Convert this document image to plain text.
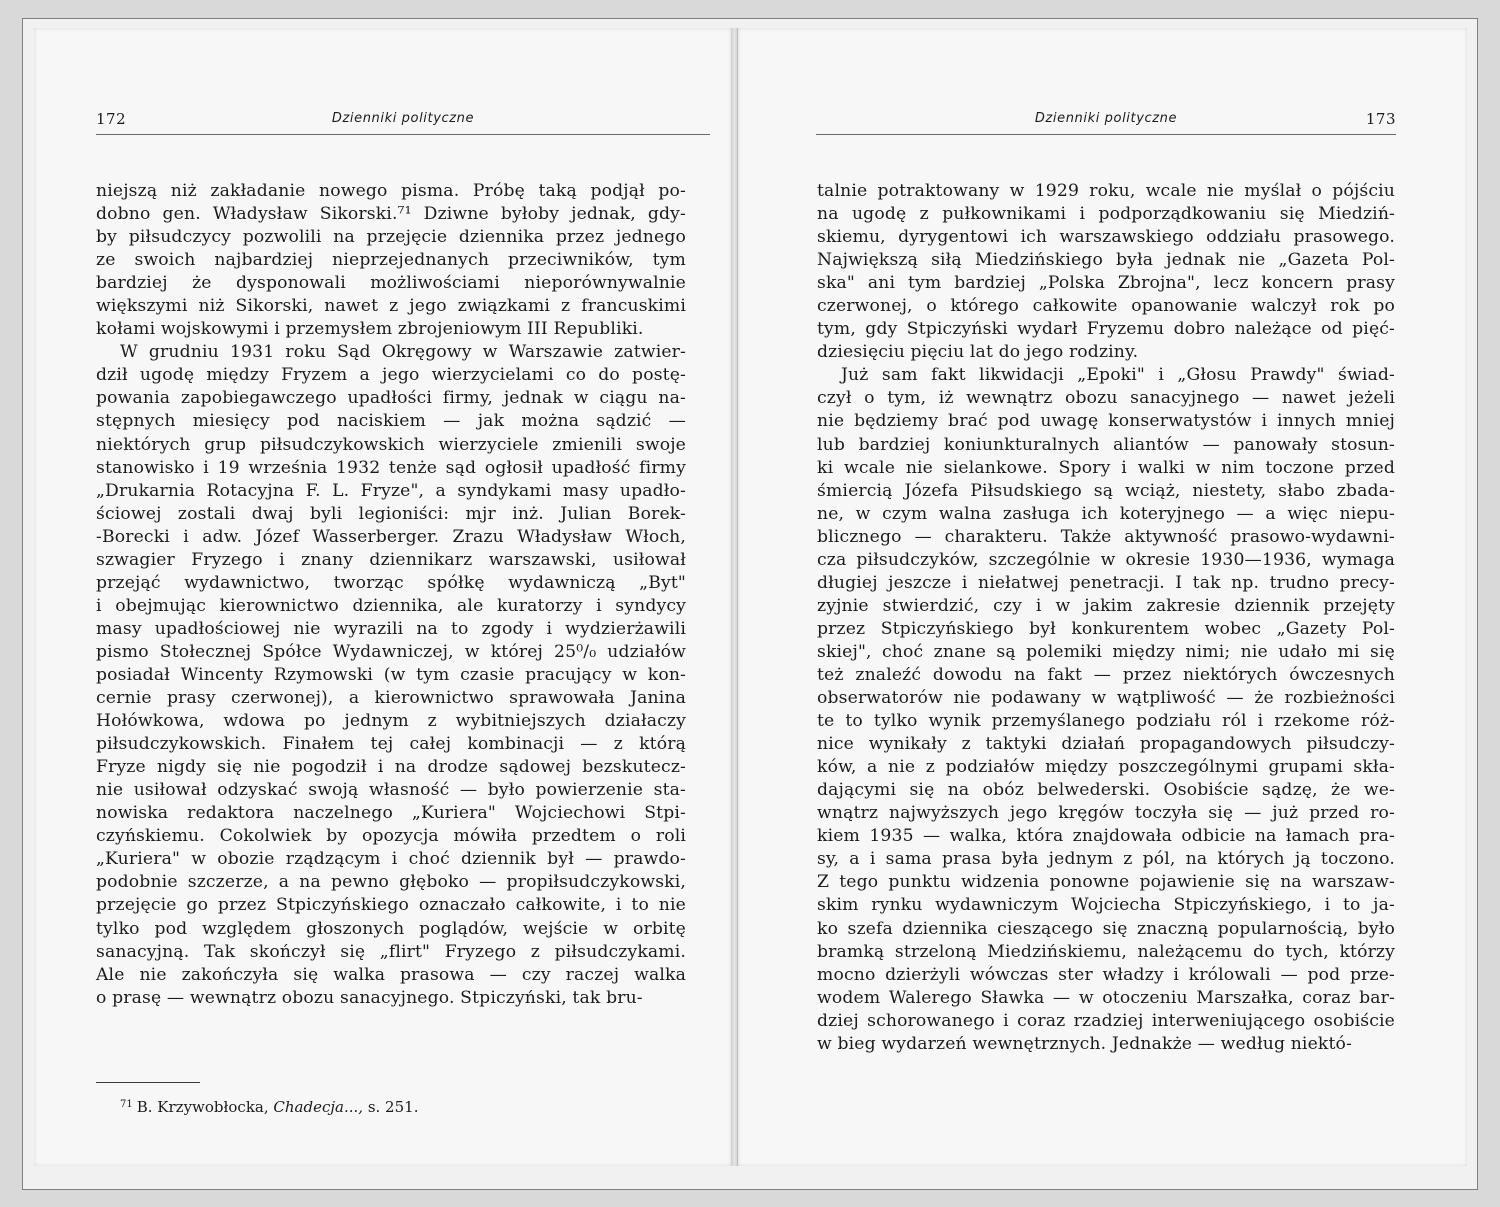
172	Dzienniki polityczne
niejszą niż zakładanie nowego pisma. Próbę taką podjął po-
dobno gen. Władysław Sikorski.⁷¹ Dziwne byłoby jednak, gdy-
by piłsudczycy pozwolili na przejęcie dziennika przez jednego
ze swoich najbardziej nieprzejednanych przeciwników, tym
bardziej że dysponowali możliwościami nieporównywalnie
większymi niż Sikorski, nawet z jego związkami z francuskimi
kołami wojskowymi i przemysłem zbrojeniowym III Republiki.
W grudniu 1931 roku Sąd Okręgowy w Warszawie zatwier-
dził ugodę między Fryzem a jego wierzycielami co do postę-
powania zapobiegawczego upadłości firmy, jednak w ciągu na-
stępnych miesięcy pod naciskiem — jak można sądzić —
niektórych grup piłsudczykowskich wierzyciele zmienili swoje
stanowisko i 19 września 1932 tenże sąd ogłosił upadłość firmy
„Drukarnia Rotacyjna F. L. Fryze", a syndykami masy upadło-
ściowej zostali dwaj byli legioniści: mjr inż. Julian Borek-
-Borecki i adw. Józef Wasserberger. Zrazu Władysław Włoch,
szwagier Fryzego i znany dziennikarz warszawski, usiłował
przejąć wydawnictwo, tworząc spółkę wydawniczą „Byt"
i obejmując kierownictwo dziennika, ale kuratorzy i syndycy
masy upadłościowej nie wyrazili na to zgody i wydzierżawili
pismo Stołecznej Spółce Wydawniczej, w której 25⁰/₀ udziałów
posiadał Wincenty Rzymowski (w tym czasie pracujący w kon-
cernie prasy czerwonej), a kierownictwo sprawowała Janina
Hołówkowa, wdowa po jednym z wybitniejszych działaczy
piłsudczykowskich. Finałem tej całej kombinacji — z którą
Fryze nigdy się nie pogodził i na drodze sądowej bezskutecz-
nie usiłował odzyskać swoją własność — było powierzenie sta-
nowiska redaktora naczelnego „Kuriera" Wojciechowi Stpi-
czyńskiemu. Cokolwiek by opozycja mówiła przedtem o roli
„Kuriera" w obozie rządzącym i choć dziennik był — prawdo-
podobnie szczerze, a na pewno głęboko — propiłsudczykowski,
przejęcie go przez Stpiczyńskiego oznaczało całkowite, i to nie
tylko pod względem głoszonych poglądów, wejście w orbitę
sanacyjną. Tak skończył się „flirt" Fryzego z piłsudczykami.
Ale nie zakończyła się walka prasowa — czy raczej walka
o prasę — wewnątrz obozu sanacyjnego. Stpiczyński, tak bru-
$^{71}$ B. Krzywobłocka, Chadecja..., s. 251.
Dzienniki polityczne	173
talnie potraktowany w 1929 roku, wcale nie myślał o pójściu
na ugodę z pułkownikami i podporządkowaniu się Miedziń-
skiemu, dyrygentowi ich warszawskiego oddziału prasowego.
Największą siłą Miedzińskiego była jednak nie „Gazeta Pol-
ska" ani tym bardziej „Polska Zbrojna", lecz koncern prasy
czerwonej, o którego całkowite opanowanie walczył rok po
tym, gdy Stpiczyński wydarł Fryzemu dobro należące od pięć-
dziesięciu pięciu lat do jego rodziny.
Już sam fakt likwidacji „Epoki" i „Głosu Prawdy" świad-
czył o tym, iż wewnątrz obozu sanacyjnego — nawet jeżeli
nie będziemy brać pod uwagę konserwatystów i innych mniej
lub bardziej koniunkturalnych aliantów — panowały stosun-
ki wcale nie sielankowe. Spory i walki w nim toczone przed
śmiercią Józefa Piłsudskiego są wciąż, niestety, słabo zbada-
ne, w czym walna zasługa ich koteryjnego — a więc niepu-
blicznego — charakteru. Także aktywność prasowo-wydawni-
cza piłsudczyków, szczególnie w okresie 1930—1936, wymaga
długiej jeszcze i niełatwej penetracji. I tak np. trudno precy-
zyjnie stwierdzić, czy i w jakim zakresie dziennik przejęty
przez Stpiczyńskiego był konkurentem wobec „Gazety Pol-
skiej", choć znane są polemiki między nimi; nie udało mi się
też znaleźć dowodu na fakt — przez niektórych ówczesnych
obserwatorów nie podawany w wątpliwość — że rozbieżności
te to tylko wynik przemyślanego podziału ról i rzekome róż-
nice wynikały z taktyki działań propagandowych piłsudczy-
ków, a nie z podziałów między poszczególnymi grupami skła-
dającymi się na obóz belwederski. Osobiście sądzę, że we-
wnątrz najwyższych jego kręgów toczyła się — już przed ro-
kiem 1935 — walka, która znajdowała odbicie na łamach pra-
sy, a i sama prasa była jednym z pól, na których ją toczono.
Z tego punktu widzenia ponowne pojawienie się na warszaw-
skim rynku wydawniczym Wojciecha Stpiczyńskiego, i to ja-
ko szefa dziennika cieszącego się znaczną popularnością, było
bramką strzeloną Miedzińskiemu, należącemu do tych, którzy
mocno dzierżyli wówczas ster władzy i królowali — pod prze-
wodem Walerego Sławka — w otoczeniu Marszałka, coraz bar-
dziej schorowanego i coraz rzadziej interweniującego osobiście
w bieg wydarzeń wewnętrznych. Jednakże — według niektó-
